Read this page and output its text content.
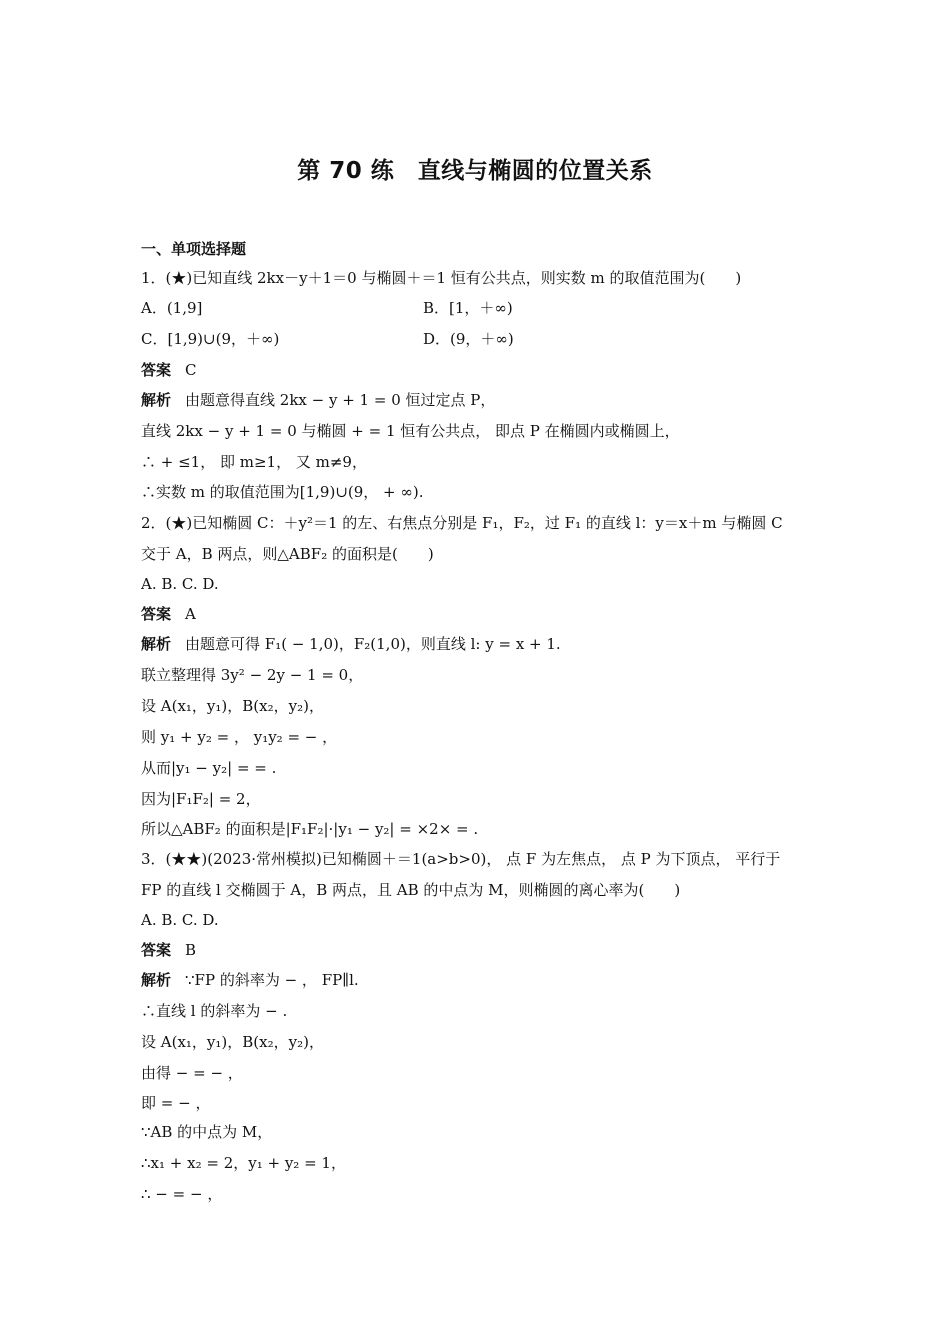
第 70 练　直线与椭圆的位置关系
一、单项选择题
1．(★)已知直线 2kx－y＋1＝0 与椭圆＋＝1 恒有公共点，则实数 m 的取值范围为(　　)
A．(1,9]	B．[1，＋∞)
C．[1,9)∪(9，＋∞)	D．(9，＋∞)
答案 C
解析 由题意得直线 2kx − y + 1 = 0 恒过定点 P，
直线 2kx − y + 1 = 0 与椭圆 + = 1 恒有公共点， 即点 P 在椭圆内或椭圆上，
∴ + ≤1， 即 m≥1， 又 m≠9，
∴实数 m 的取值范围为[1,9)∪(9， + ∞).
2．(★)已知椭圆 C：＋y²＝1 的左、右焦点分别是 F₁，F₂，过 F₁ 的直线 l：y＝x＋m 与椭圆 C
交于 A，B 两点，则△ABF₂ 的面积是(　　)
A. B. C. D.
答案 A
解析 由题意可得 F₁( − 1,0)，F₂(1,0)，则直线 l: y = x + 1.
联立整理得 3y² − 2y − 1 = 0，
设 A(x₁，y₁)，B(x₂，y₂)，
则 y₁ + y₂ = ， y₁y₂ = − ，
从而|y₁ − y₂| = = .
因为|F₁F₂| = 2，
所以△ABF₂ 的面积是|F₁F₂|·|y₁ − y₂| = ×2× = .
3．(★★)(2023·常州模拟)已知椭圆＋＝1(a>b>0)， 点 F 为左焦点， 点 P 为下顶点， 平行于
FP 的直线 l 交椭圆于 A，B 两点，且 AB 的中点为 M，则椭圆的离心率为(　　)
A. B. C. D.
答案 B
解析 ∵FP 的斜率为 − ， FP∥l.
∴直线 l 的斜率为 − .
设 A(x₁，y₁)，B(x₂，y₂)，
由得 − = − ，
即 = − ，
∵AB 的中点为 M，
∴x₁ + x₂ = 2，y₁ + y₂ = 1，
∴ − = − ，
